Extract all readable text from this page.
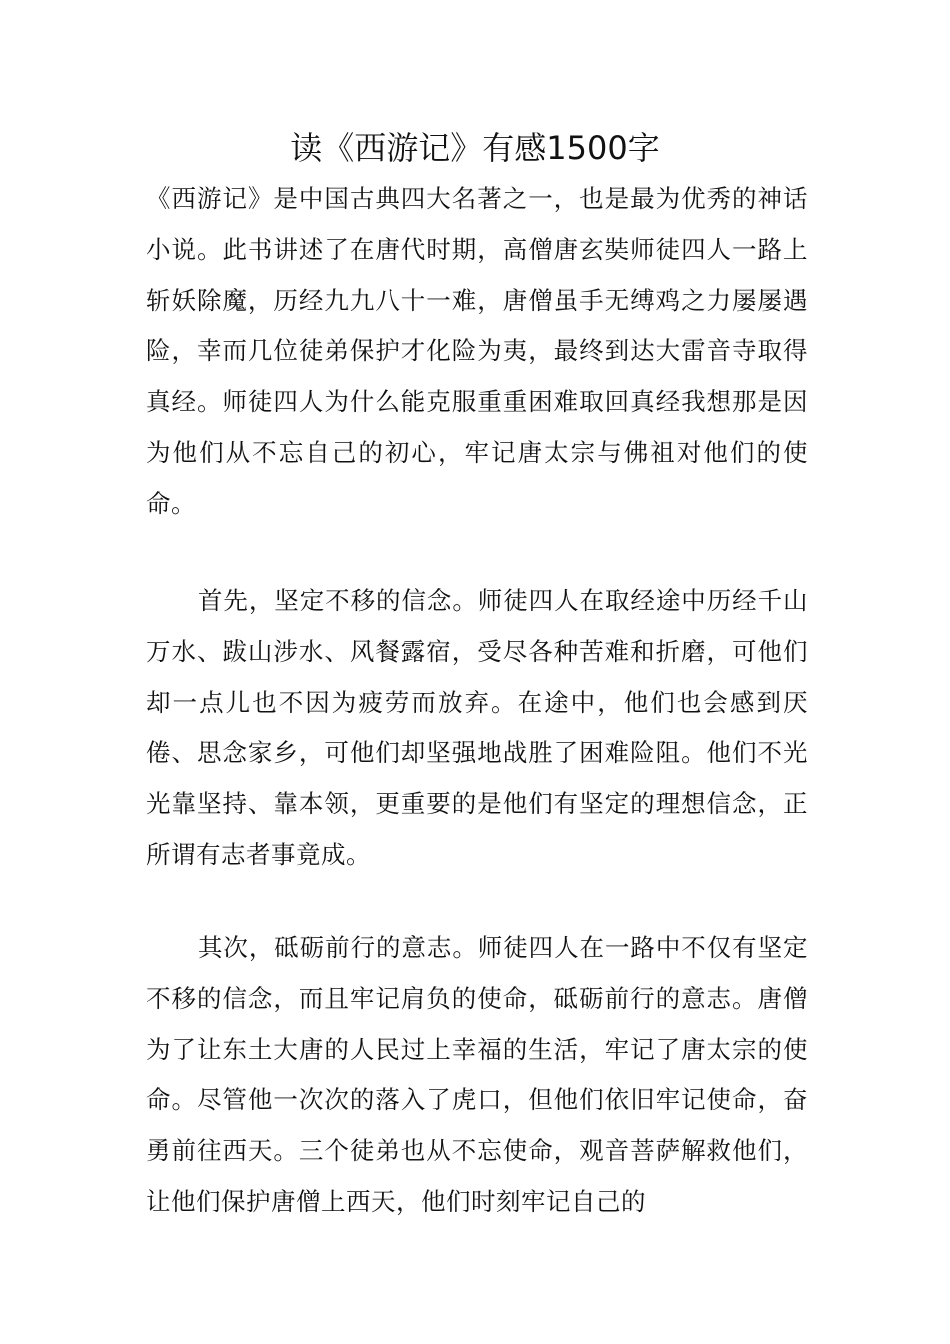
读《西游记》有感1500字

《西游记》是中国古典四大名著之一，也是最为优秀的神话小说。此书讲述了在唐代时期，高僧唐玄奘师徒四人一路上斩妖除魔，历经九九八十一难，唐僧虽手无缚鸡之力屡屡遇险，幸而几位徒弟保护才化险为夷，最终到达大雷音寺取得真经。师徒四人为什么能克服重重困难取回真经我想那是因为他们从不忘自己的初心，牢记唐太宗与佛祖对他们的使命。

首先，坚定不移的信念。师徒四人在取经途中历经千山万水、跋山涉水、风餐露宿，受尽各种苦难和折磨，可他们却一点儿也不因为疲劳而放弃。在途中，他们也会感到厌倦、思念家乡，可他们却坚强地战胜了困难险阻。他们不光光靠坚持、靠本领，更重要的是他们有坚定的理想信念，正所谓有志者事竟成。

其次，砥砺前行的意志。师徒四人在一路中不仅有坚定不移的信念，而且牢记肩负的使命，砥砺前行的意志。唐僧为了让东土大唐的人民过上幸福的生活，牢记了唐太宗的使命。尽管他一次次的落入了虎口，但他们依旧牢记使命，奋勇前往西天。三个徒弟也从不忘使命，观音菩萨解救他们，让他们保护唐僧上西天，他们时刻牢记自己的
